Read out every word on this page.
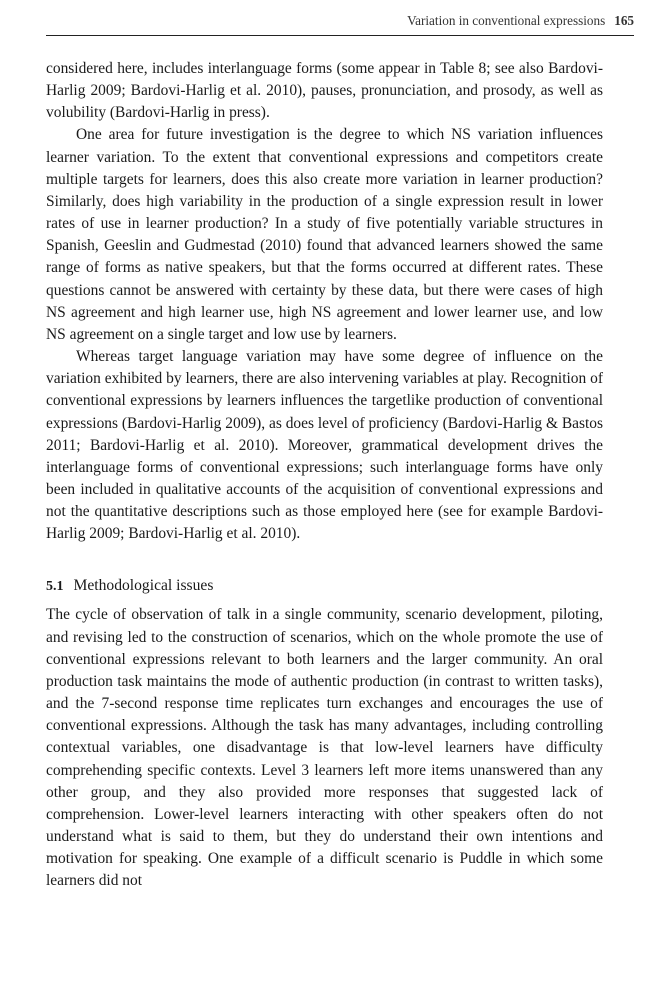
Variation in conventional expressions 165

considered here, includes interlanguage forms (some appear in Table 8; see also Bardovi-Harlig 2009; Bardovi-Harlig et al. 2010), pauses, pronunciation, and prosody, as well as volubility (Bardovi-Harlig in press).

One area for future investigation is the degree to which NS variation influences learner variation. To the extent that conventional expressions and competitors create multiple targets for learners, does this also create more variation in learner production? Similarly, does high variability in the production of a single expression result in lower rates of use in learner production? In a study of five potentially variable structures in Spanish, Geeslin and Gudmestad (2010) found that advanced learners showed the same range of forms as native speakers, but that the forms occurred at different rates. These questions cannot be answered with certainty by these data, but there were cases of high NS agreement and high learner use, high NS agreement and lower learner use, and low NS agreement on a single target and low use by learners.

Whereas target language variation may have some degree of influence on the variation exhibited by learners, there are also intervening variables at play. Recognition of conventional expressions by learners influences the targetlike production of conventional expressions (Bardovi-Harlig 2009), as does level of proficiency (Bardovi-Harlig & Bastos 2011; Bardovi-Harlig et al. 2010). Moreover, grammatical development drives the interlanguage forms of conventional expressions; such interlanguage forms have only been included in qualitative accounts of the acquisition of conventional expressions and not the quantitative descriptions such as those employed here (see for example Bardovi-Harlig 2009; Bardovi-Harlig et al. 2010).

5.1 Methodological issues

The cycle of observation of talk in a single community, scenario development, piloting, and revising led to the construction of scenarios, which on the whole promote the use of conventional expressions relevant to both learners and the larger community. An oral production task maintains the mode of authentic production (in contrast to written tasks), and the 7-second response time replicates turn exchanges and encourages the use of conventional expressions. Although the task has many advantages, including controlling contextual variables, one disadvantage is that low-level learners have difficulty comprehending specific contexts. Level 3 learners left more items unanswered than any other group, and they also provided more responses that suggested lack of comprehension. Lower-level learners interacting with other speakers often do not understand what is said to them, but they do understand their own intentions and motivation for speaking. One example of a difficult scenario is Puddle in which some learners did not
